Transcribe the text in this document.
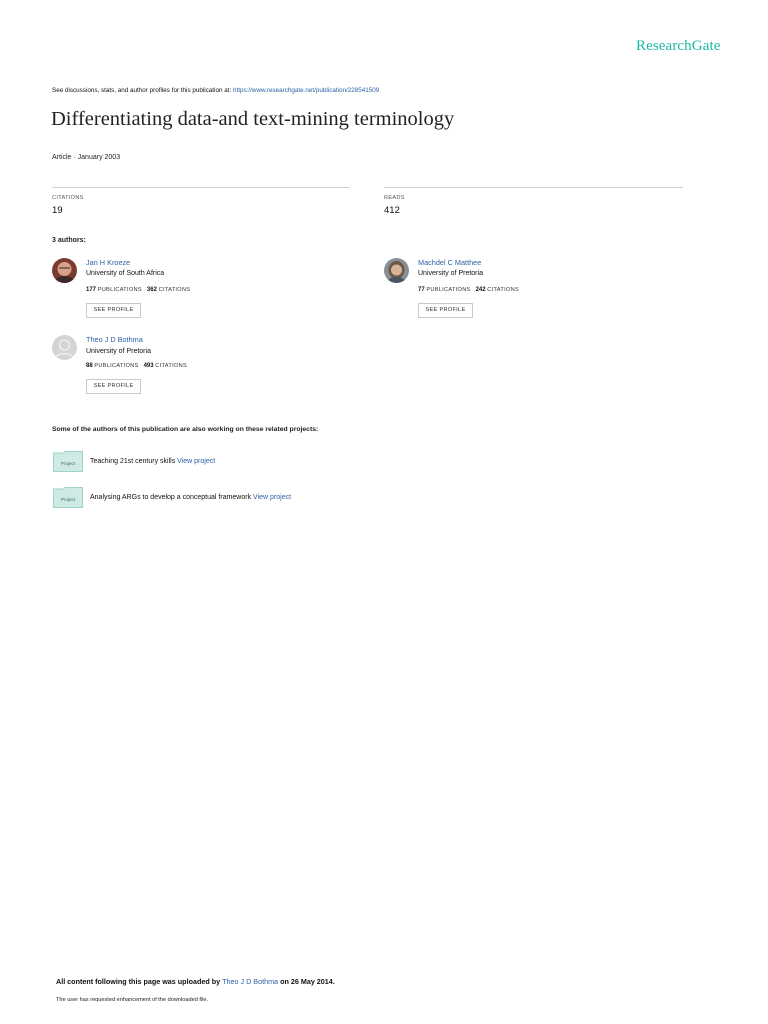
ResearchGate
See discussions, stats, and author profiles for this publication at: https://www.researchgate.net/publication/228541509
Differentiating data-and text-mining terminology
Article · January 2003
CITATIONS
19
READS
412
3 authors:
Jan H Kroeze
University of South Africa
177 PUBLICATIONS 362 CITATIONS
SEE PROFILE
Machdel C Matthee
University of Pretoria
77 PUBLICATIONS 242 CITATIONS
SEE PROFILE
Theo J D Bothma
University of Pretoria
88 PUBLICATIONS 493 CITATIONS
SEE PROFILE
Some of the authors of this publication are also working on these related projects:
Project Teaching 21st century skills View project
Project Analysing ARGs to develop a conceptual framework View project
All content following this page was uploaded by Theo J D Bothma on 26 May 2014.
The user has requested enhancement of the downloaded file.
